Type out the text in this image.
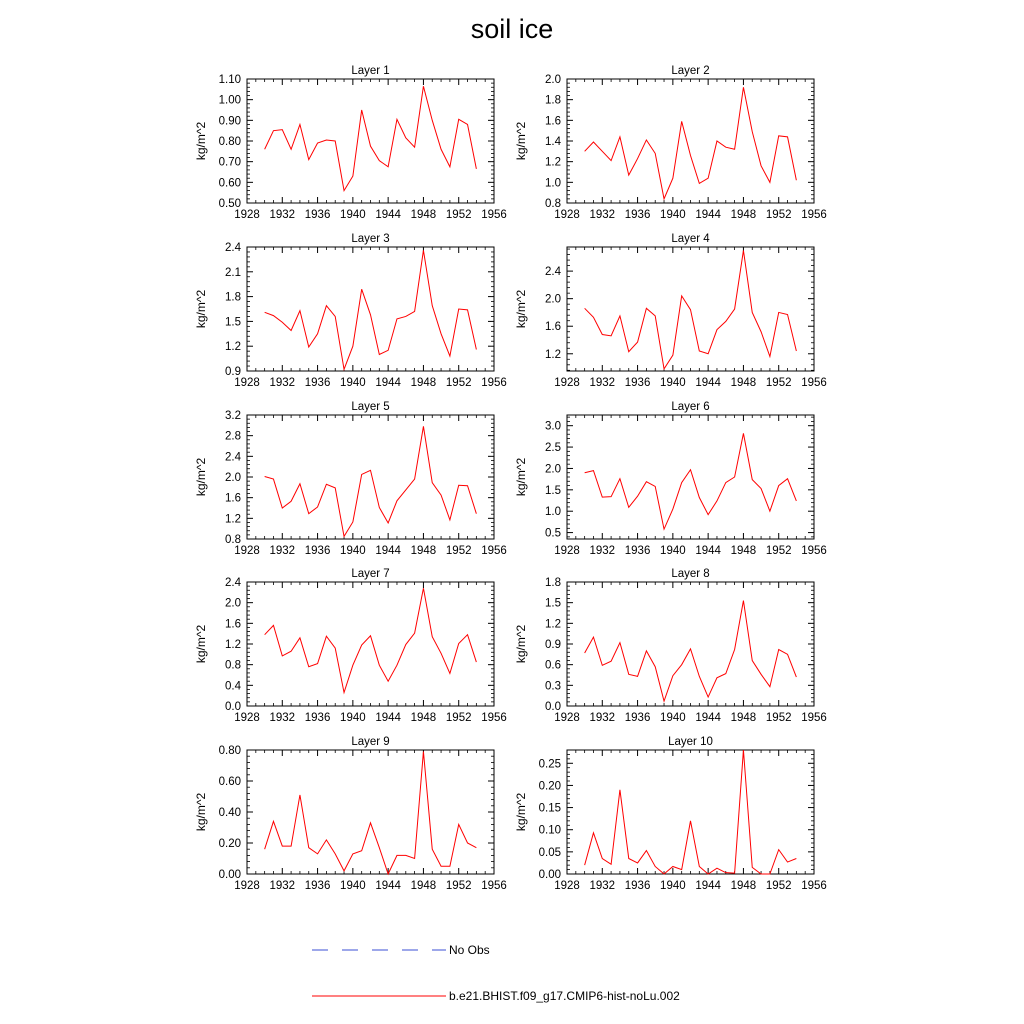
soil ice
Layer 1
kg/m^2
1928 1932 1936 1940 1944 1948 1952 1956
0.50
0.60
0.70
0.80
0.90
1.00
1.10
Layer 2
kg/m^2
1928 1932 1936 1940 1944 1948 1952 1956
0.8
1.0
1.2
1.4
1.6
1.8
2.0
Layer 3
kg/m^2
1928 1932 1936 1940 1944 1948 1952 1956
0.9
1.2
1.5
1.8
2.1
2.4
Layer 4
kg/m^2
1928 1932 1936 1940 1944 1948 1952 1956
1.2
1.6
2.0
2.4
Layer 5
kg/m^2
1928 1932 1936 1940 1944 1948 1952 1956
0.8
1.2
1.6
2.0
2.4
2.8
3.2
Layer 6
kg/m^2
1928 1932 1936 1940 1944 1948 1952 1956
0.5
1.0
1.5
2.0
2.5
3.0
Layer 7
kg/m^2
1928 1932 1936 1940 1944 1948 1952 1956
0.0
0.4
0.8
1.2
1.6
2.0
2.4
Layer 8
kg/m^2
1928 1932 1936 1940 1944 1948 1952 1956
0.0
0.3
0.6
0.9
1.2
1.5
1.8
Layer 9
kg/m^2
1928 1932 1936 1940 1944 1948 1952 1956
0.00
0.20
0.40
0.60
0.80
Layer 10
kg/m^2
1928 1932 1936 1940 1944 1948 1952 1956
0.00
0.05
0.10
0.15
0.20
0.25
No Obs
b.e21.BHIST.f09_g17.CMIP6-hist-noLu.002
